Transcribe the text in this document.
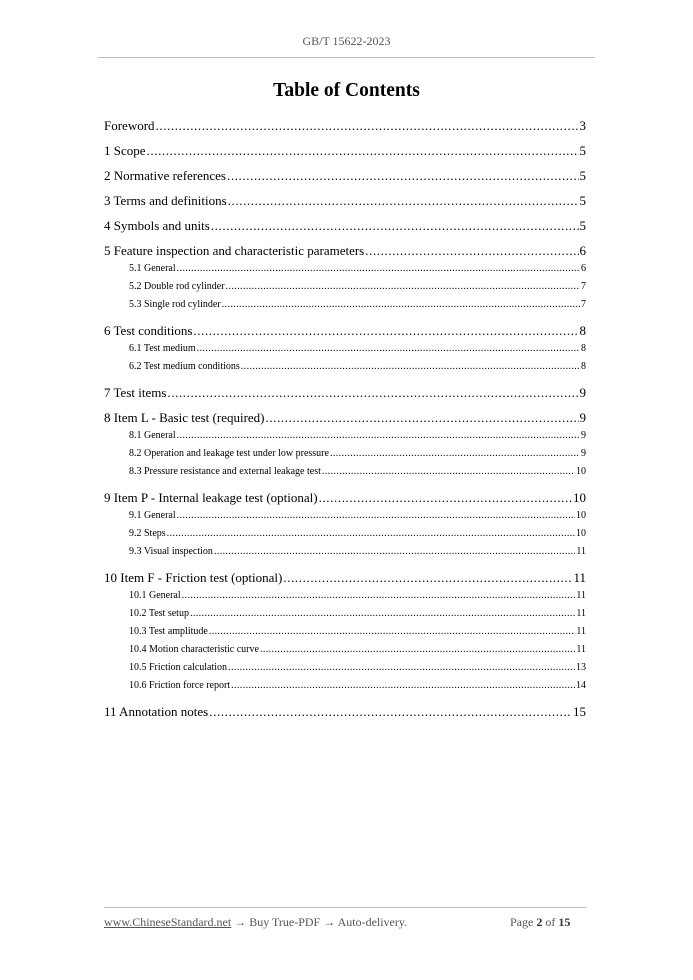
GB/T 15622-2023
Table of Contents
Foreword .....	3
1 Scope .....	5
2 Normative references .....	5
3 Terms and definitions .....	5
4 Symbols and units .....	5
5 Feature inspection and characteristic parameters .....	6
5.1 General .....	6
5.2 Double rod cylinder .....	7
5.3 Single rod cylinder .....	7
6 Test conditions .....	8
6.1 Test medium .....	8
6.2 Test medium conditions .....	8
7 Test items .....	9
8 Item L - Basic test (required) .....	9
8.1 General .....	9
8.2 Operation and leakage test under low pressure .....	9
8.3 Pressure resistance and external leakage test .....	10
9 Item P - Internal leakage test (optional) .....	10
9.1 General .....	10
9.2 Steps .....	10
9.3 Visual inspection .....	11
10 Item F - Friction test (optional) .....	11
10.1 General .....	11
10.2 Test setup .....	11
10.3 Test amplitude .....	11
10.4 Motion characteristic curve .....	11
10.5 Friction calculation .....	13
10.6 Friction force report .....	14
11 Annotation notes .....	15
www.ChineseStandard.net → Buy True-PDF → Auto-delivery.	Page 2 of 15
